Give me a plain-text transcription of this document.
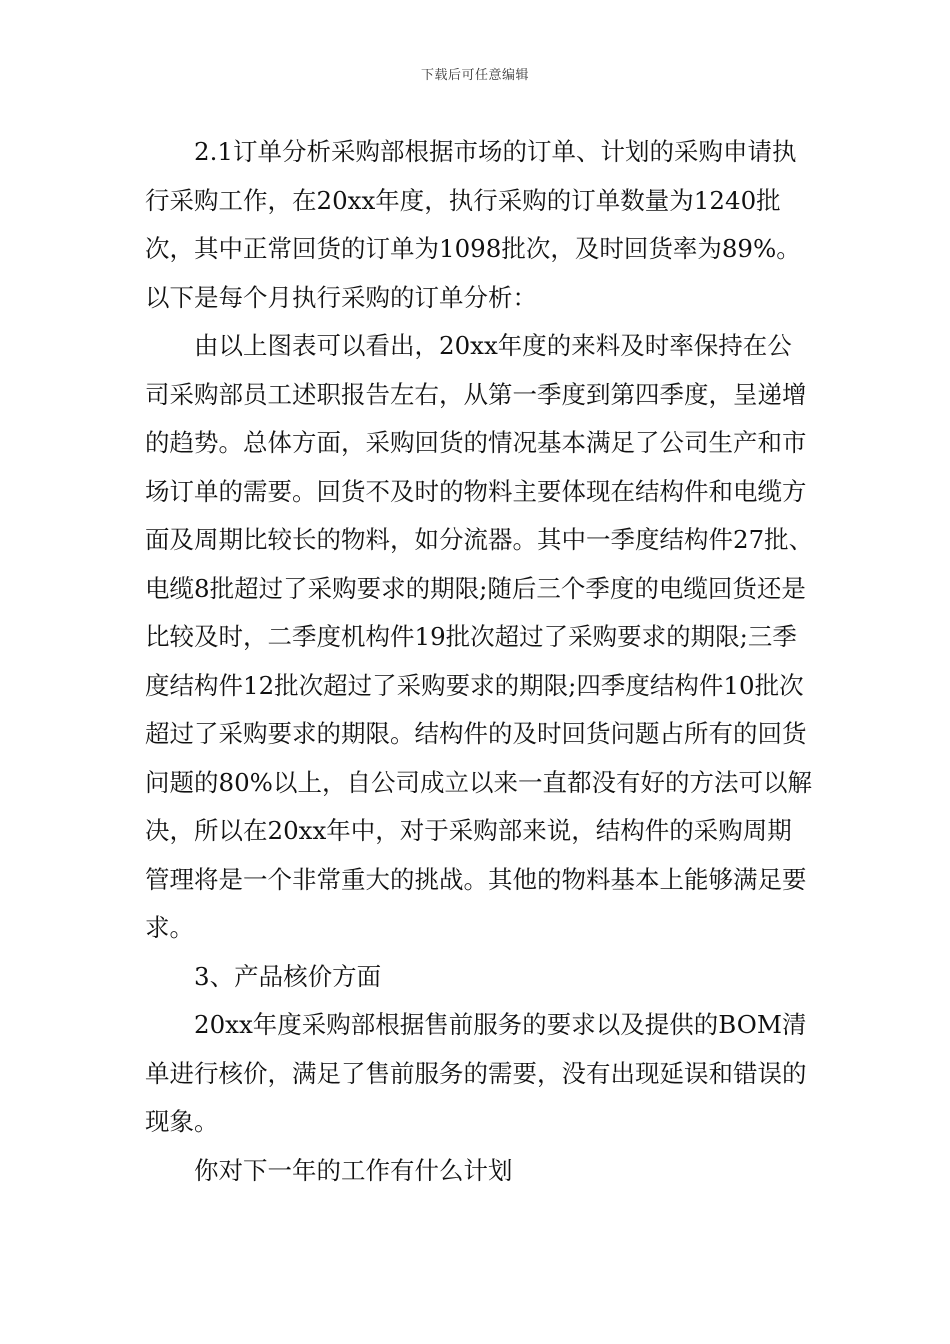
下载后可任意编辑

2.1订单分析采购部根据市场的订单、计划的采购申请执行采购工作，在20xx年度，执行采购的订单数量为1240批次，其中正常回货的订单为1098批次，及时回货率为89%。以下是每个月执行采购的订单分析：

由以上图表可以看出，20xx年度的来料及时率保持在公司采购部员工述职报告左右，从第一季度到第四季度，呈递增的趋势。总体方面，采购回货的情况基本满足了公司生产和市场订单的需要。回货不及时的物料主要体现在结构件和电缆方面及周期比较长的物料，如分流器。其中一季度结构件27批、电缆8批超过了采购要求的期限;随后三个季度的电缆回货还是比较及时，二季度机构件19批次超过了采购要求的期限;三季度结构件12批次超过了采购要求的期限;四季度结构件10批次超过了采购要求的期限。结构件的及时回货问题占所有的回货问题的80%以上，自公司成立以来一直都没有好的方法可以解决，所以在20xx年中，对于采购部来说，结构件的采购周期管理将是一个非常重大的挑战。其他的物料基本上能够满足要求。

3、产品核价方面

20xx年度采购部根据售前服务的要求以及提供的BOM清单进行核价，满足了售前服务的需要，没有出现延误和错误的现象。

你对下一年的工作有什么计划
